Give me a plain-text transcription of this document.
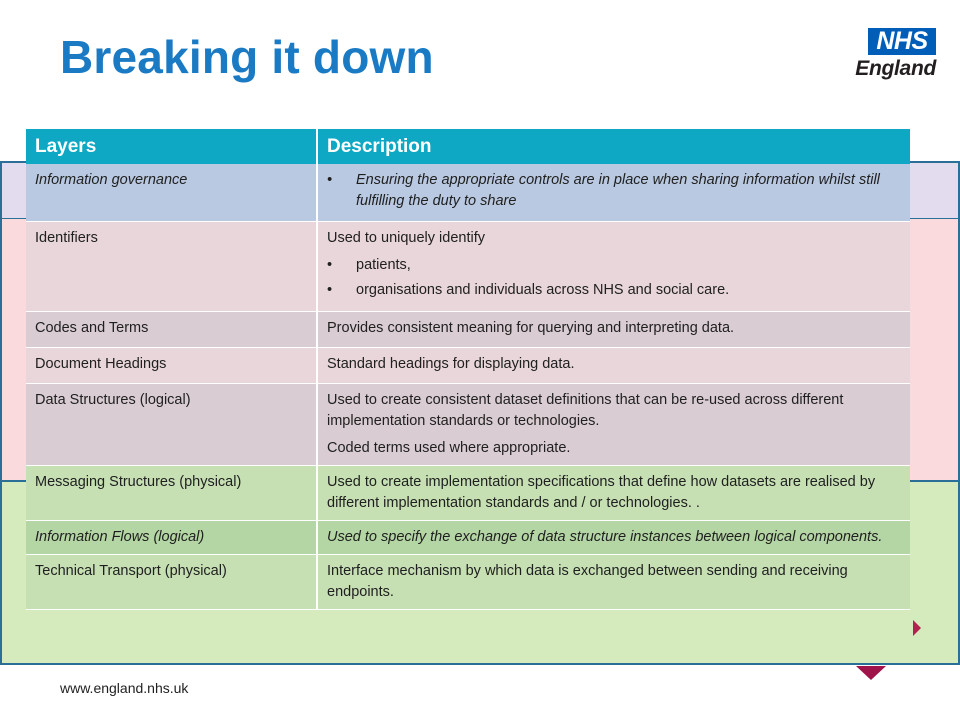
Breaking it down	NHS
England
Layers	Description
Information governance	• Ensuring the appropriate controls are in place when sharing information whilst still fulfilling the duty to share

Identifiers	Used to uniquely identify
• patients,
• organisations and individuals across NHS and social care.

Codes and Terms	Provides consistent meaning for querying and interpreting data.
Document Headings	Standard headings for displaying data.
Data Structures (logical)	Used to create consistent dataset definitions that can be re-used across different implementation standards or technologies.
Coded terms used where appropriate.

Messaging Structures (physical)	Used to create implementation specifications that define how datasets are realised by different implementation standards and / or technologies. .
Information Flows (logical)	Used to specify the exchange of data structure instances between logical components.
Technical Transport (physical)	Interface mechanism by which data is exchanged between sending and receiving endpoints.
www.england.nhs.uk
